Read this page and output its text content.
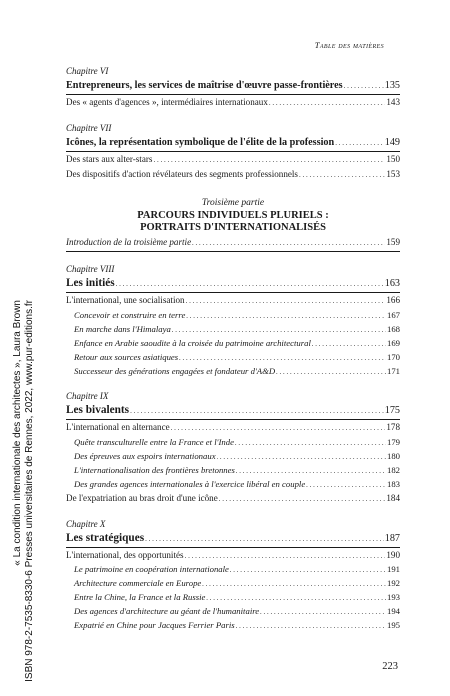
Table des matières
Chapitre VI
Entrepreneurs, les services de maîtrise d'œuvre passe-frontières . . .	135
Des « agents d'agences », intermédiaires internationaux . . .	143
Chapitre VII
Icônes, la représentation symbolique de l'élite de la profession . . .	149
Des stars aux alter-stars . . .	150
Des dispositifs d'action révélateurs des segments professionnels . . .	153
Troisième partie
PARCOURS INDIVIDUELS PLURIELS :
PORTRAITS D'INTERNATIONALISÉS
Introduction de la troisième partie . . .	159
Chapitre VIII
Les initiés . . .	163
L'international, une socialisation . . .	166
Concevoir et construire en terre . . .	167
En marche dans l'Himalaya . . .	168
Enfance en Arabie saoudite à la croisée du patrimoine architectural . . .	169
Retour aux sources asiatiques . . .	170
Successeur des générations engagées et fondateur d'A&D . . .	171
Chapitre IX
Les bivalents . . .	175
L'international en alternance . . .	178
Quête transculturelle entre la France et l'Inde . . .	179
Des épreuves aux espoirs internationaux . . .	180
L'internationalisation des frontières bretonnes . . .	182
Des grandes agences internationales à l'exercice libéral en couple . . .	183
De l'expatriation au bras droit d'une icône . . .	184
Chapitre X
Les stratégiques . . .	187
L'international, des opportunités . . .	190
Le patrimoine en coopération internationale . . .	191
Architecture commerciale en Europe . . .	192
Entre la Chine, la France et la Russie . . .	193
Des agences d'architecture au géant de l'humanitaire . . .	194
Expatrié en Chine pour Jacques Ferrier Paris . . .	195
« La condition internationale des architectes », Laura Brown ISBN 978-2-7535-8330-6 Presses universitaires de Rennes, 2022, www.pur-editions.fr	223
